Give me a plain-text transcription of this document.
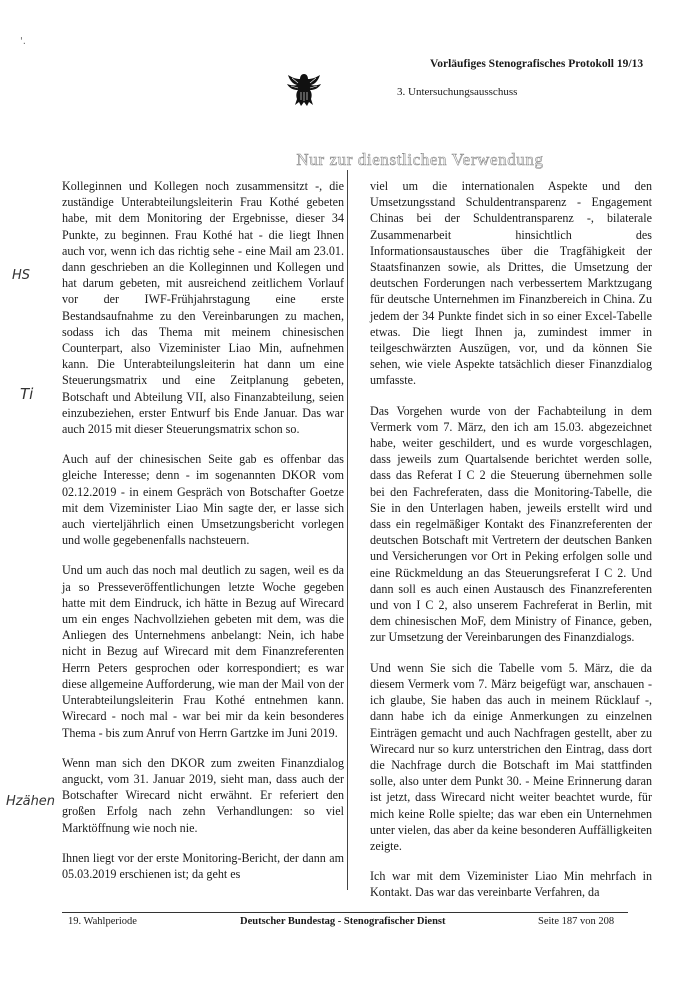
'.
Vorläufiges Stenografisches Protokoll 19/13
3. Untersuchungsausschuss
Nur zur dienstlichen Verwendung
HS
Ti
Hzähen

Kolleginnen und Kollegen noch zusammensitzt -, die zuständige Unterabteilungsleiterin Frau Kothé gebeten habe, mit dem Monitoring der Ergebnisse, dieser 34 Punkte, zu beginnen. Frau Kothé hat - die liegt Ihnen auch vor, wenn ich das richtig sehe - eine Mail am 23.01. dann geschrieben an die Kolleginnen und Kollegen und hat darum gebeten, mit ausreichend zeitlichem Vorlauf vor der IWF-Frühjahrstagung eine erste Bestandsaufnahme zu den Vereinbarungen zu machen, sodass ich das Thema mit meinem chinesischen Counterpart, also Vizeminister Liao Min, aufnehmen kann. Die Unterabteilungsleiterin hat dann um eine Steuerungsmatrix und eine Zeitplanung gebeten, Botschaft und Abteilung VII, also Finanzabteilung, seien einzubeziehen, erster Entwurf bis Ende Januar. Das war auch 2015 mit dieser Steuerungsmatrix schon so.

Auch auf der chinesischen Seite gab es offenbar das gleiche Interesse; denn - im sogenannten DKOR vom 02.12.2019 - in einem Gespräch von Botschafter Goetze mit dem Vizeminister Liao Min sagte der, er lasse sich auch vierteljährlich einen Umsetzungsbericht vorlegen und wolle gegebenenfalls nachsteuern.

Und um auch das noch mal deutlich zu sagen, weil es da ja so Presseveröffentlichungen letzte Woche gegeben hatte mit dem Eindruck, ich hätte in Bezug auf Wirecard um ein enges Nachvollziehen gebeten mit dem, was die Anliegen des Unternehmens anbelangt: Nein, ich habe nicht in Bezug auf Wirecard mit dem Finanzreferenten Herrn Peters gesprochen oder korrespondiert; es war diese allgemeine Aufforderung, wie man der Mail von der Unterabteilungsleiterin Frau Kothé entnehmen kann. Wirecard - noch mal - war bei mir da kein besonderes Thema - bis zum Anruf von Herrn Gartzke im Juni 2019.

Wenn man sich den DKOR zum zweiten Finanzdialog anguckt, vom 31. Januar 2019, sieht man, dass auch der Botschafter Wirecard nicht erwähnt. Er referiert den großen Erfolg nach zehn Verhandlungen: so viel Marktöffnung wie noch nie.

Ihnen liegt vor der erste Monitoring-Bericht, der dann am 05.03.2019 erschienen ist; da geht es

viel um die internationalen Aspekte und den Umsetzungsstand Schuldentransparenz - Engagement Chinas bei der Schuldentransparenz -, bilaterale Zusammenarbeit hinsichtlich des Informationsaustausches über die Tragfähigkeit der Staatsfinanzen sowie, als Drittes, die Umsetzung der deutschen Forderungen nach verbessertem Marktzugang für deutsche Unternehmen im Finanzbereich in China. Zu jedem der 34 Punkte findet sich in so einer Excel-Tabelle etwas. Die liegt Ihnen ja, zumindest immer in teilgeschwärzten Auszügen, vor, und da können Sie sehen, wie viele Aspekte tatsächlich dieser Finanzdialog umfasste.

Das Vorgehen wurde von der Fachabteilung in dem Vermerk vom 7. März, den ich am 15.03. abgezeichnet habe, weiter geschildert, und es wurde vorgeschlagen, dass jeweils zum Quartalsende berichtet werden solle, dass das Referat I C 2 die Steuerung übernehmen solle bei den Fachreferaten, dass die Monitoring-Tabelle, die Sie in den Unterlagen haben, jeweils erstellt wird und dass ein regelmäßiger Kontakt des Finanzreferenten der deutschen Botschaft mit Vertretern der deutschen Banken und Versicherungen vor Ort in Peking erfolgen solle und eine Rückmeldung an das Steuerungsreferat I C 2. Und dann soll es auch einen Austausch des Finanzreferenten und von I C 2, also unserem Fachreferat in Berlin, mit dem chinesischen MoF, dem Ministry of Finance, geben, zur Umsetzung der Vereinbarungen des Finanzdialogs.

Und wenn Sie sich die Tabelle vom 5. März, die da diesem Vermerk vom 7. März beigefügt war, anschauen - ich glaube, Sie haben das auch in meinem Rücklauf -, dann habe ich da einige Anmerkungen zu einzelnen Einträgen gemacht und auch Nachfragen gestellt, aber zu Wirecard nur so kurz unterstrichen den Eintrag, dass dort die Nachfrage durch die Botschaft im Mai stattfinden solle, also unter dem Punkt 30. - Meine Erinnerung daran ist jetzt, dass Wirecard nicht weiter beachtet wurde, für mich keine Rolle spielte; das war eben ein Unternehmen unter vielen, das aber da keine besonderen Auffälligkeiten zeigte.

Ich war mit dem Vizeminister Liao Min mehrfach in Kontakt. Das war das vereinbarte Verfahren, da

19. Wahlperiode	Deutscher Bundestag - Stenografischer Dienst	Seite 187 von 208
